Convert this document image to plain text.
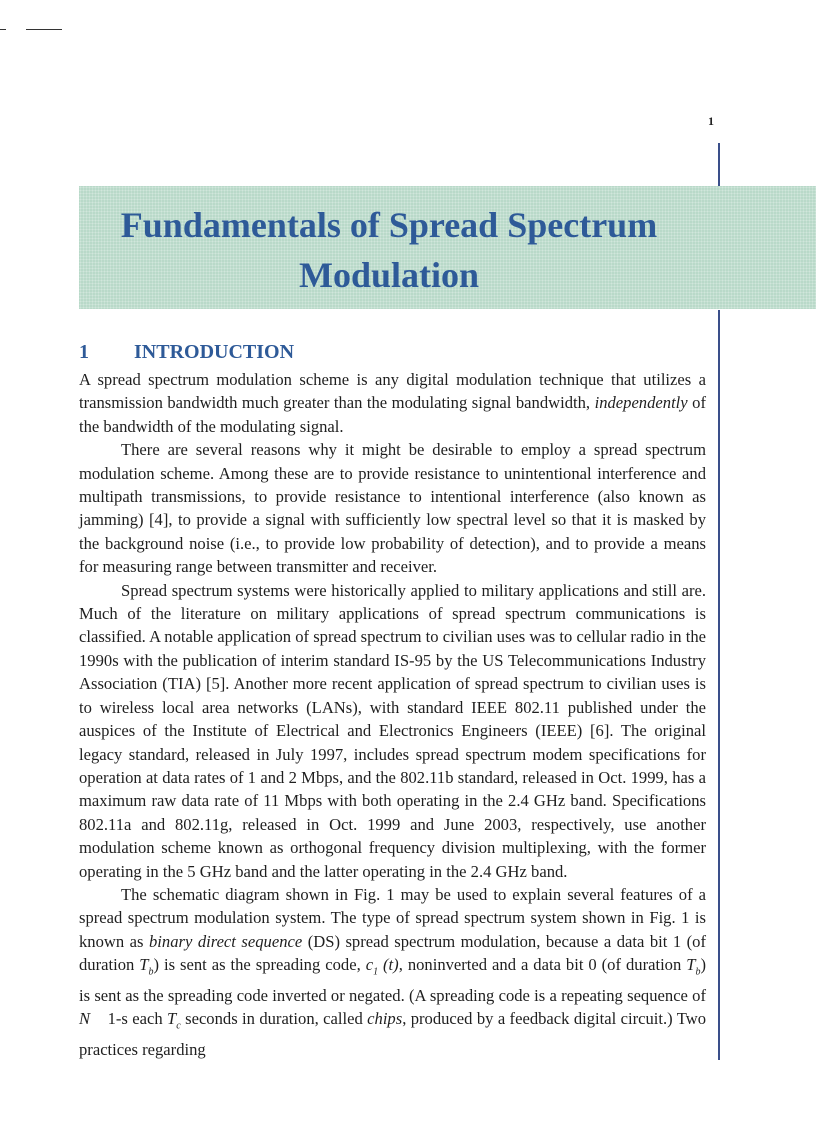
1
Fundamentals of Spread Spectrum Modulation
1 INTRODUCTION

A spread spectrum modulation scheme is any digital modulation technique that utilizes a transmission bandwidth much greater than the modulating signal bandwidth, independently of the bandwidth of the modulating signal.

There are several reasons why it might be desirable to employ a spread spectrum modulation scheme. Among these are to provide resistance to unintentional interference and multipath transmissions, to provide resistance to intentional interference (also known as jamming) [4], to provide a signal with sufficiently low spectral level so that it is masked by the background noise (i.e., to provide low probability of detection), and to provide a means for measuring range between transmitter and receiver.

Spread spectrum systems were historically applied to military applications and still are. Much of the literature on military applications of spread spectrum communications is classified. A notable application of spread spectrum to civilian uses was to cellular radio in the 1990s with the publication of interim standard IS-95 by the US Telecommunications Industry Association (TIA) [5]. Another more recent application of spread spectrum to civilian uses is to wireless local area networks (LANs), with standard IEEE 802.11 published under the auspices of the Institute of Electrical and Electronics Engineers (IEEE) [6]. The original legacy standard, released in July 1997, includes spread spectrum modem specifications for operation at data rates of 1 and 2 Mbps, and the 802.11b standard, released in Oct. 1999, has a maximum raw data rate of 11 Mbps with both operating in the 2.4 GHz band. Specifications 802.11a and 802.11g, released in Oct. 1999 and June 2003, respectively, use another modulation scheme known as orthogonal frequency division multiplexing, with the former operating in the 5 GHz band and the latter operating in the 2.4 GHz band.

The schematic diagram shown in Fig. 1 may be used to explain several features of a spread spectrum modulation system. The type of spread spectrum system shown in Fig. 1 is known as binary direct sequence (DS) spread spectrum modulation, because a data bit 1 (of duration $T_b$) is sent as the spreading code, $c_1$ (t), noninverted and a data bit 0 (of duration $T_b$) is sent as the spreading code inverted or negated. (A spreading code is a repeating sequence of N    1-s each $T_c$ seconds in duration, called chips, produced by a feedback digital circuit.) Two practices regarding
